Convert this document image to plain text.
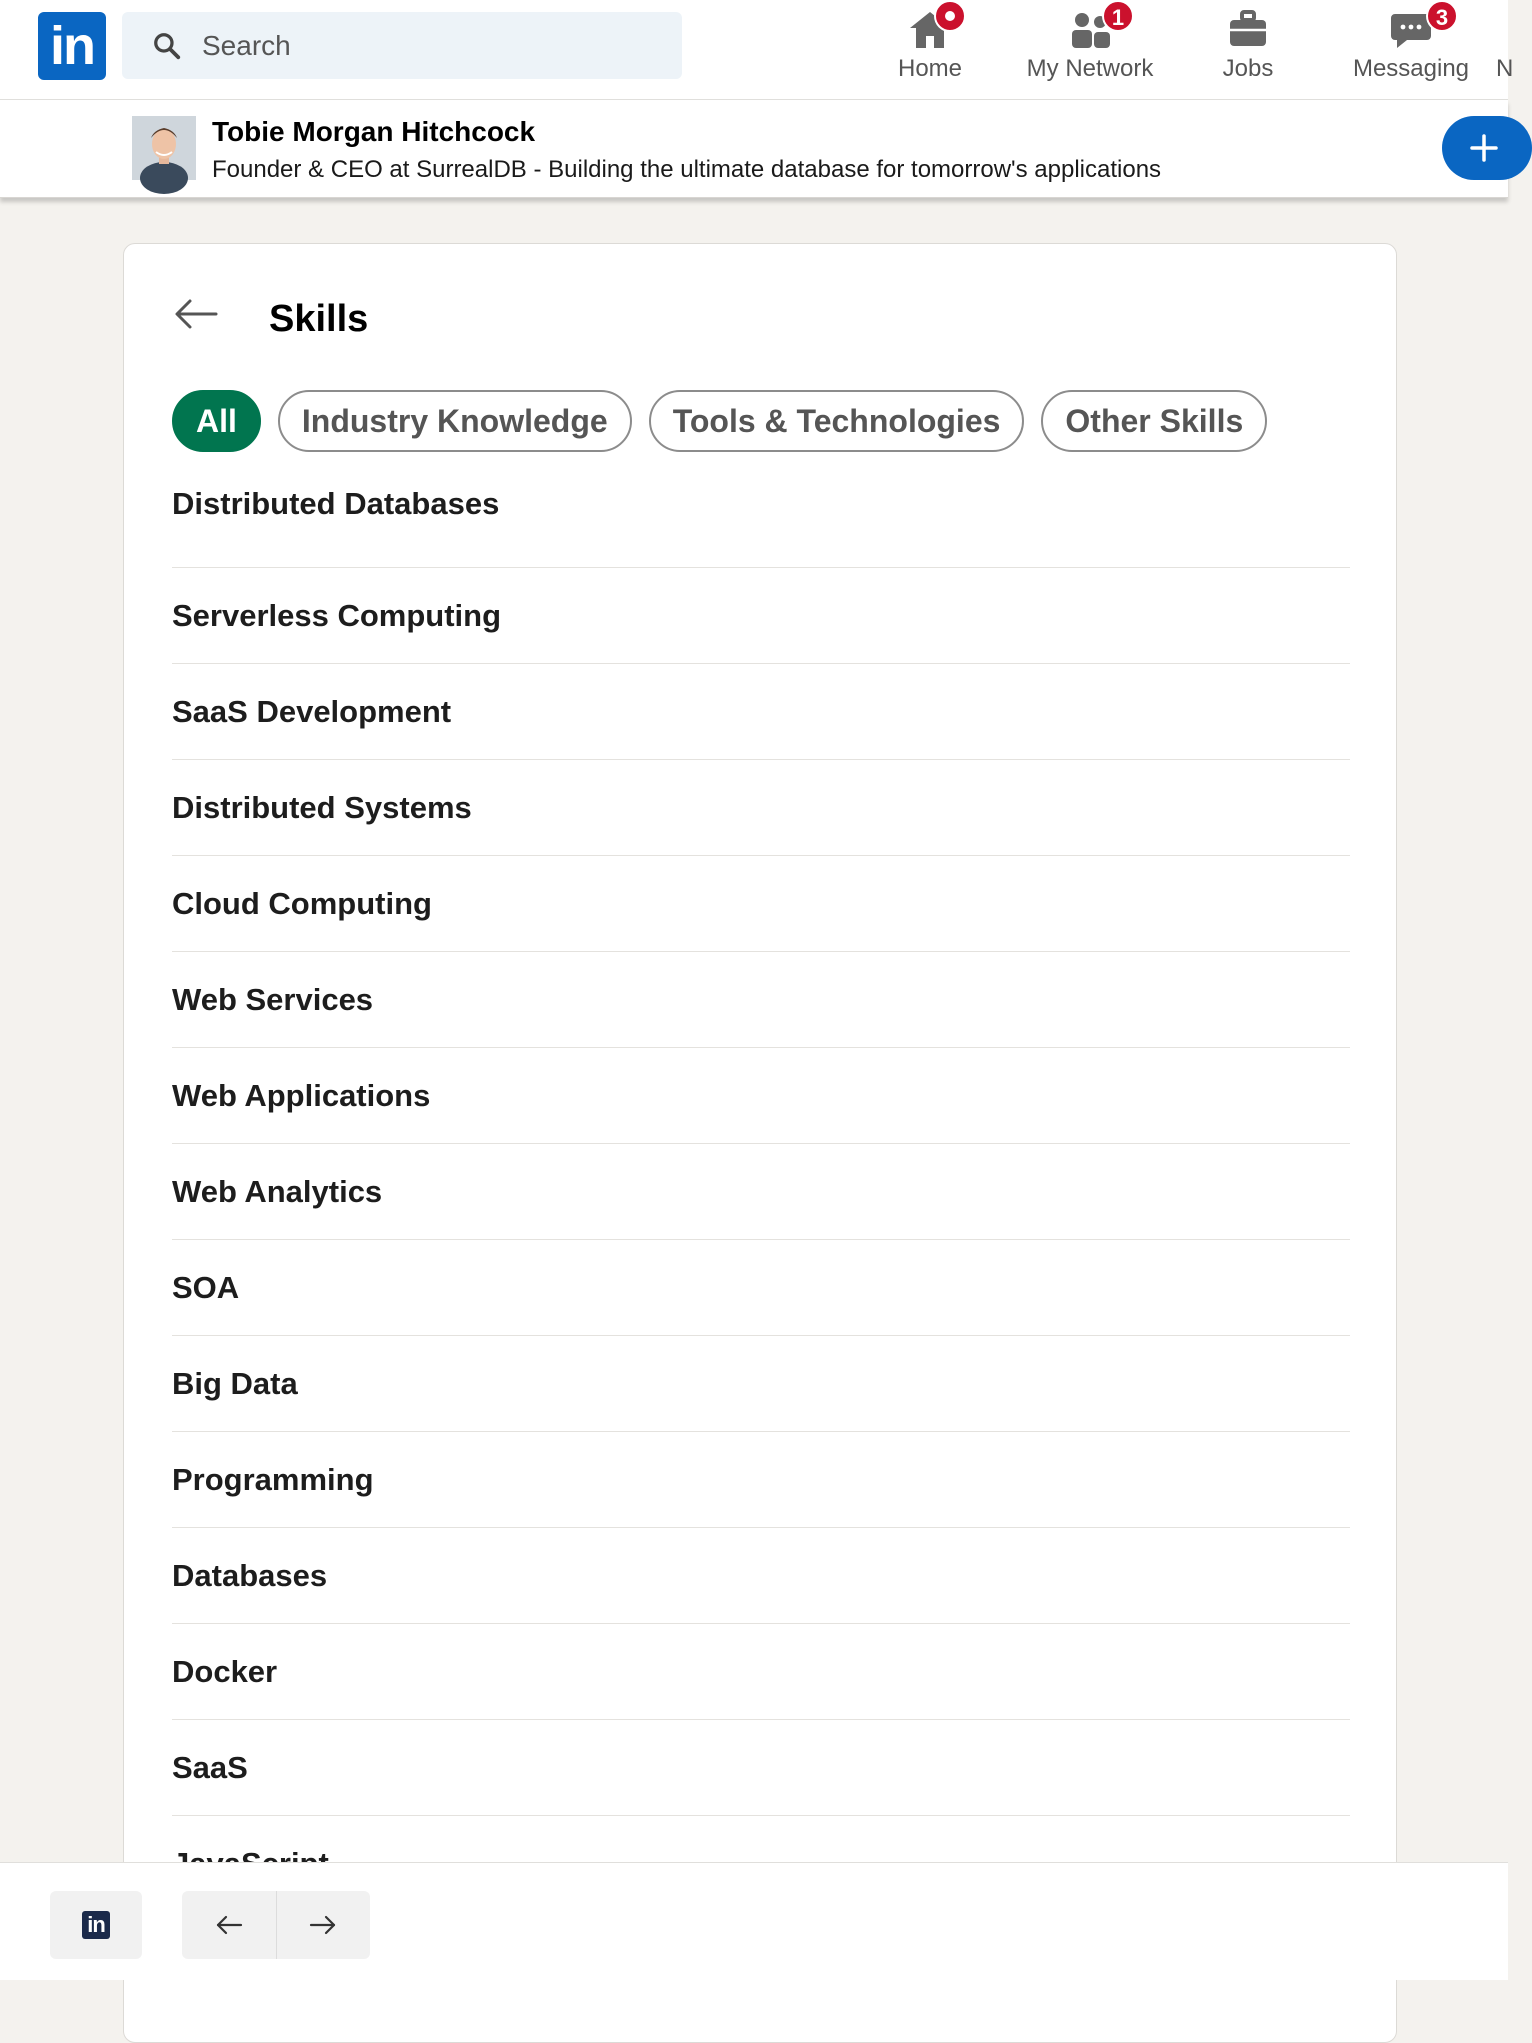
in
Search	Home
1
My Network	Jobs
3
Messaging	N
Tobie Morgan Hitchcock
Founder & CEO at SurrealDB - Building the ultimate database for tomorrow's applications
Skills
All	Industry Knowledge	Tools & Technologies	Other Skills
Distributed Databases
Serverless Computing
SaaS Development
Distributed Systems
Cloud Computing
Web Services
Web Applications
Web Analytics
SOA
Big Data
Programming
Databases
Docker
SaaS
in
